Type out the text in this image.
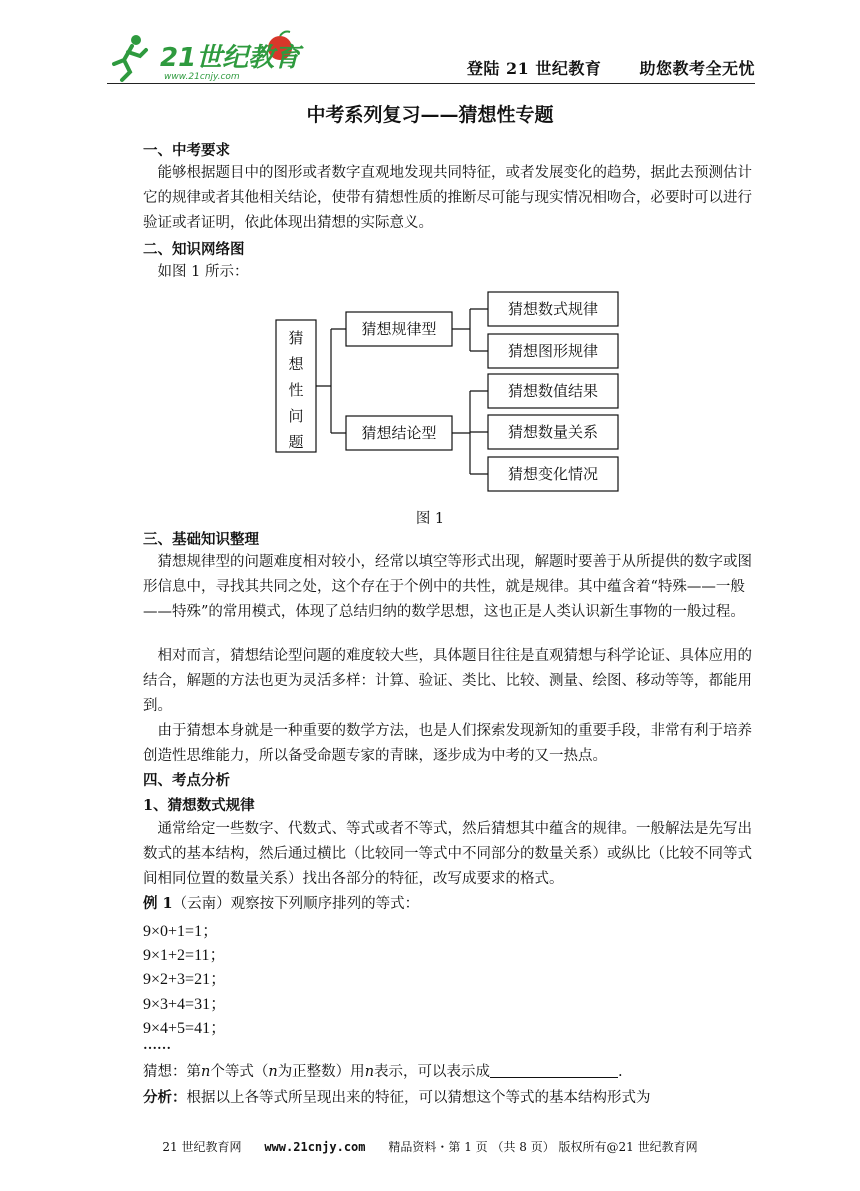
21世纪教育
www.21cnjy.com	登陆 21 世纪教育 助您教考全无忧
中考系列复习——猜想性专题
一、中考要求
能够根据题目中的图形或者数字直观地发现共同特征，或者发展变化的趋势，据此去预测估计它的规律或者其他相关结论，使带有猜想性质的推断尽可能与现实情况相吻合，必要时可以进行验证或者证明，依此体现出猜想的实际意义。
二、知识网络图
如图 1 所示：
猜
想
性
问
题
猜想规律型
猜想结论型
猜想数式规律
猜想图形规律
猜想数值结果
猜想数量关系
猜想变化情况
图 1
三、基础知识整理
猜想规律型的问题难度相对较小，经常以填空等形式出现，解题时要善于从所提供的数字或图形信息中，寻找其共同之处，这个存在于个例中的共性，就是规律。其中蕴含着“特殊——一般——特殊”的常用模式，体现了总结归纳的数学思想，这也正是人类认识新生事物的一般过程。
相对而言，猜想结论型问题的难度较大些，具体题目往往是直观猜想与科学论证、具体应用的结合，解题的方法也更为灵活多样：计算、验证、类比、比较、测量、绘图、移动等等，都能用到。
由于猜想本身就是一种重要的数学方法，也是人们探索发现新知的重要手段，非常有利于培养创造性思维能力，所以备受命题专家的青睐，逐步成为中考的又一热点。
四、考点分析
1、猜想数式规律
通常给定一些数字、代数式、等式或者不等式，然后猜想其中蕴含的规律。一般解法是先写出数式的基本结构，然后通过横比（比较同一等式中不同部分的数量关系）或纵比（比较不同等式间相同位置的数量关系）找出各部分的特征，改写成要求的格式。
例 1（云南）观察按下列顺序排列的等式：
9×0+1=1；
9×1+2=11；
9×2+3=21；
9×3+4=31；
9×4+5=41；
……
猜想：第n个等式（n为正整数）用n表示，可以表示成	.
分析：根据以上各等式所呈现出来的特征，可以猜想这个等式的基本结构形式为
21 世纪教育网 www.21cnjy.com 精品资料・第 1 页 （共 8 页） 版权所有@21 世纪教育网
